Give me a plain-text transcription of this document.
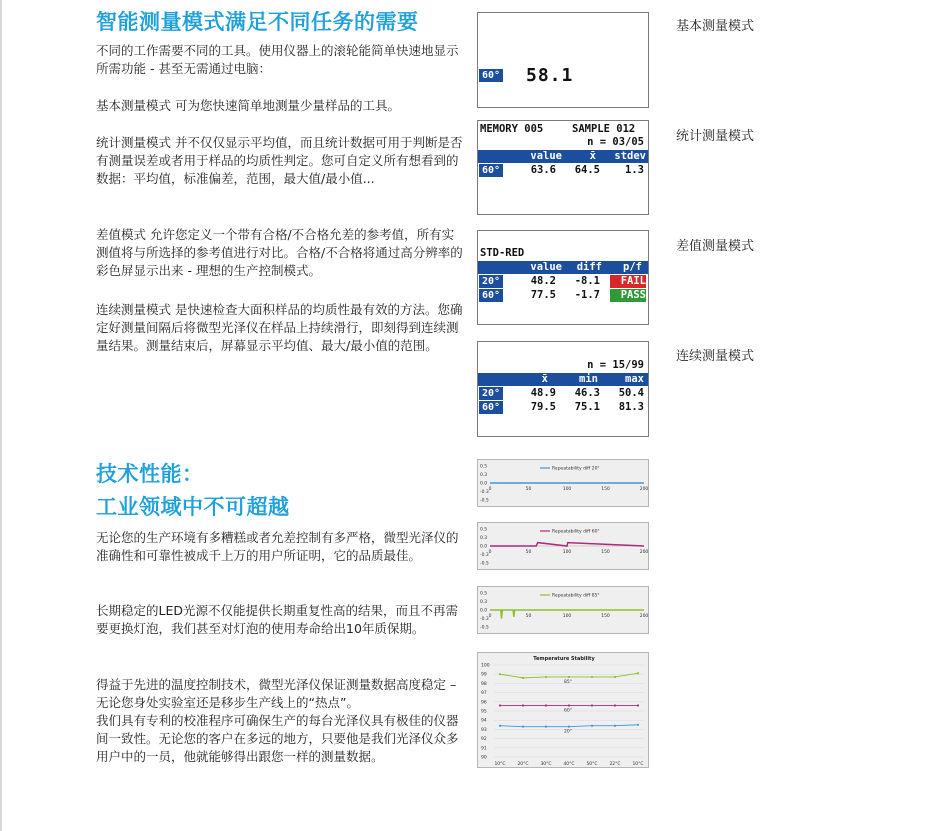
智能测量模式满足不同任务的需要

不同的工作需要不同的工具。使用仪器上的滚轮能简单快速地显示所需功能 - 甚至无需通过电脑：

基本测量模式 可为您快速简单地测量少量样品的工具。

统计测量模式 并不仅仅显示平均值，而且统计数据可用于判断是否有测量误差或者用于样品的均质性判定。您可自定义所有想看到的数据：平均值，标准偏差，范围，最大值/最小值...

差值模式 允许您定义一个带有合格/不合格允差的参考值，所有实测值将与所选择的参考值进行对比。合格/不合格将通过高分辨率的彩色屏显示出来 - 理想的生产控制模式。

连续测量模式 是快速检查大面积样品的均质性最有效的方法。您确定好测量间隔后将微型光泽仪在样品上持续滑行，即刻得到连续测量结果。测量结束后，屏幕显示平均值、最大/最小值的范围。

60° 58.1
基本测量模式
MEMORY 005	SAMPLE 012
n = 03/05
value	x̄ stdev
60°	63.6 64.5 1.3
统计测量模式
STD-RED
value diff p/f
20°	48.2 -8.1	FAIL
60°	77.5 -1.7	PASS
差值测量模式
n = 15/99
x̄	min	max
20°	48.9 46.3 50.4
60°	79.5 75.1 81.3
连续测量模式
技术性能：
工业领域中不可超越

无论您的生产环境有多糟糕或者允差控制有多严格，微型光泽仪的准确性和可靠性被成千上万的用户所证明，它的品质最佳。

长期稳定的LED光源不仅能提供长期重复性高的结果，而且不再需要更换灯泡，我们甚至对灯泡的使用寿命给出10年质保期。

得益于先进的温度控制技术，微型光泽仪保证测量数据高度稳定 – 无论您身处实验室还是移步生产线上的“热点”。

我们具有专利的校准程序可确保生产的每台光泽仪具有极佳的仪器间一致性。无论您的客户在多远的地方，只要他是我们光泽仪众多用户中的一员，他就能够得出跟您一样的测量数据。

0.5
0.3
0.0
-0.3
-0.5
0	50	100	150	200
Repeatability diff 20°
0.5
0.3
0.0
-0.3
-0.5
0	50	100	150	200
Repeatability diff 60°
0.5
0.3
0.0
-0.3
-0.5
0	50	100	150	200
Repeatability diff 85°
Temperature Stability
100
99
98
97
96
95
94
93
92
91
90
10°C	20°C	30°C	40°C	50°C	22°C	10°C
85°
60°
20°
